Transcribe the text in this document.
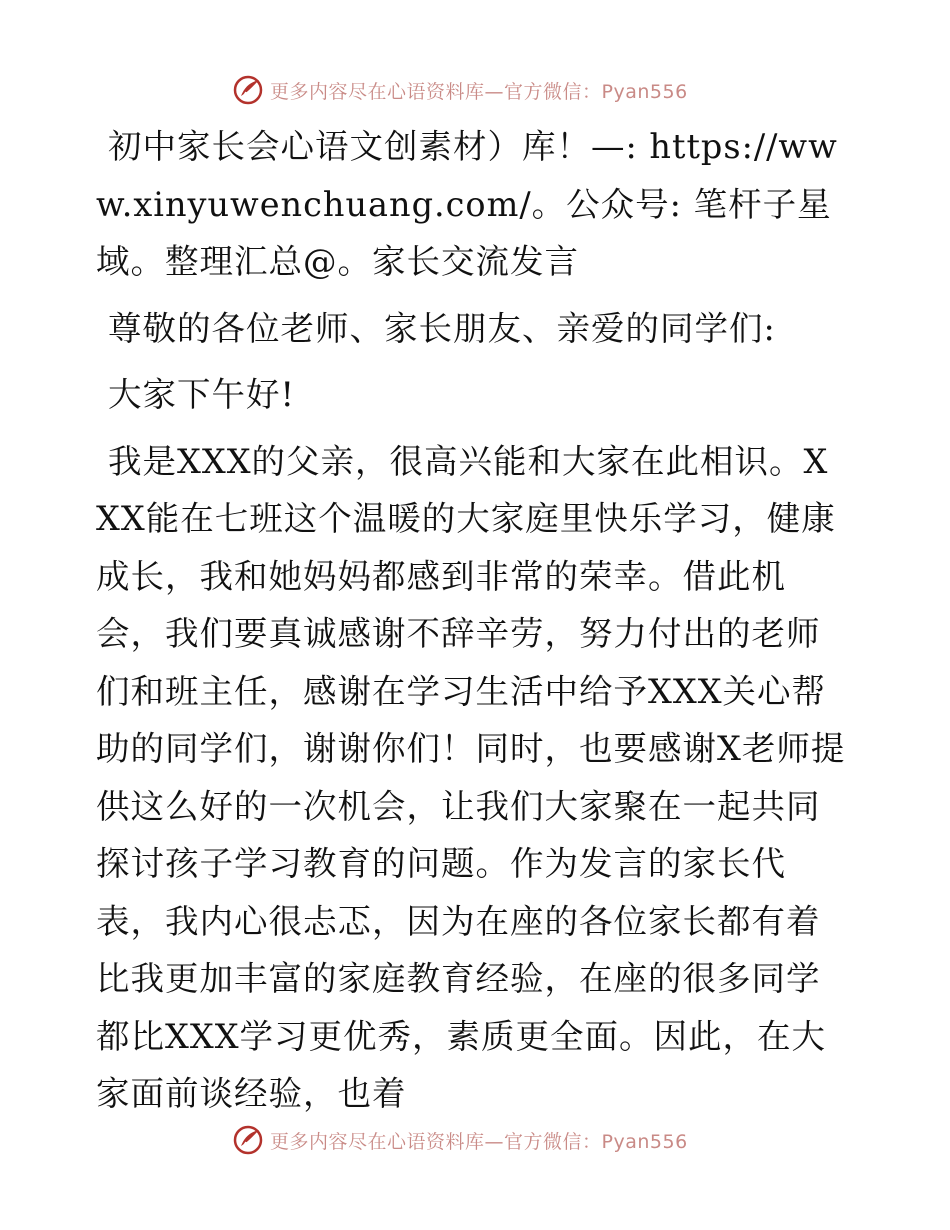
更多内容尽在心语资料库—官方微信：Pyan556

初中家长会心语文创素材）库！—: https://www.xinyuwenchuang.com/。公众号: 笔杆子星域。整理汇总@。家长交流发言

尊敬的各位老师、家长朋友、亲爱的同学们:

大家下午好!

我是XXX的父亲，很高兴能和大家在此相识。XXX能在七班这个温暖的大家庭里快乐学习，健康成长，我和她妈妈都感到非常的荣幸。借此机会，我们要真诚感谢不辞辛劳，努力付出的老师们和班主任，感谢在学习生活中给予XXX关心帮助的同学们，谢谢你们！同时，也要感谢X老师提供这么好的一次机会，让我们大家聚在一起共同探讨孩子学习教育的问题。作为发言的家长代表，我内心很忐忑，因为在座的各位家长都有着比我更加丰富的家庭教育经验，在座的很多同学都比XXX学习更优秀，素质更全面。因此，在大家面前谈经验，也着

更多内容尽在心语资料库—官方微信：Pyan556
